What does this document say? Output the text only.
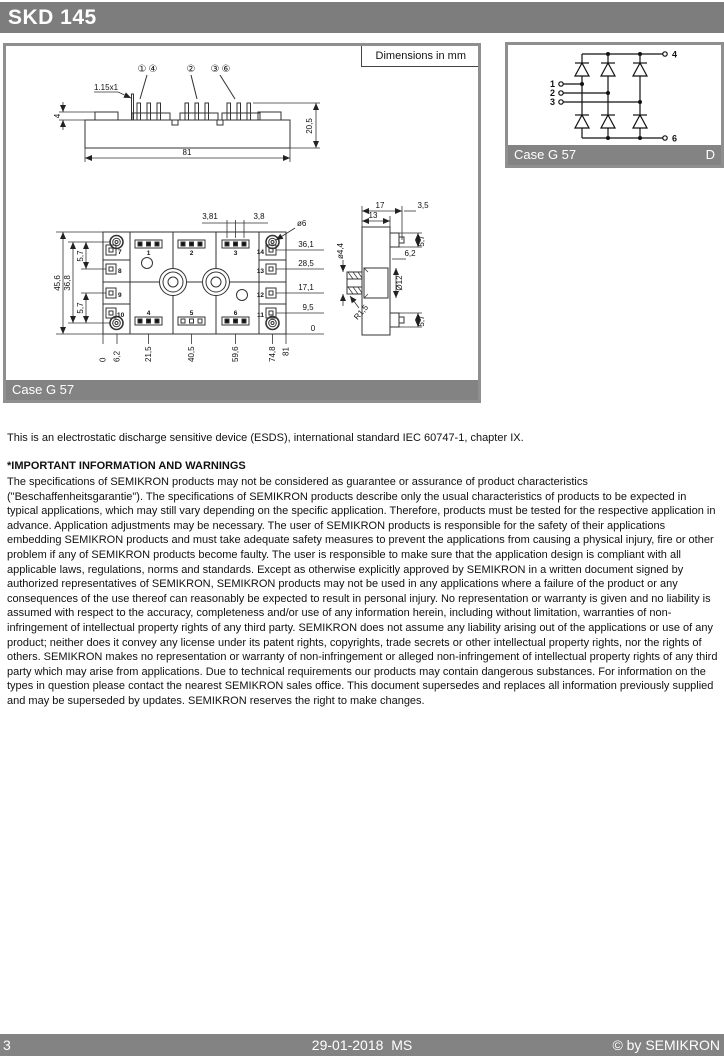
SKD 145
Dimensions in mm
① ④	② ③ ⑥
1.15x1
4
81
20,5
1	2	3
4	5	6
7
8
9
10
14
13
12
11
45,6 36,8
5,7
5,7
3,81	3,8
ø6
36,1
28,5
17,1
9,5
0
0 6,2	21,5	40,5	59,6	74,8 81
17
13
3,5
5,7
6,2
ø4,4
Ø12
R1,5	5,7
Case G 57
1
2
3
4
6
Case G 57	D
This is an electrostatic discharge sensitive device (ESDS), international standard IEC 60747-1, chapter IX.
*IMPORTANT INFORMATION AND WARNINGS
The specifications of SEMIKRON products may not be considered as guarantee or assurance of product characteristics ("Beschaffenheitsgarantie"). The specifications of SEMIKRON products describe only the usual characteristics of products to be expected in typical applications, which may still vary depending on the specific application. Therefore, products must be tested for the respective application in advance. Application adjustments may be necessary. The user of SEMIKRON products is responsible for the safety of their applications embedding SEMIKRON products and must take adequate safety measures to prevent the applications from causing a physical injury, fire or other problem if any of SEMIKRON products become faulty. The user is responsible to make sure that the application design is compliant with all applicable laws, regulations, norms and standards. Except as otherwise explicitly approved by SEMIKRON in a written document signed by authorized representatives of SEMIKRON, SEMIKRON products may not be used in any applications where a failure of the product or any consequences of the use thereof can reasonably be expected to result in personal injury. No representation or warranty is given and no liability is assumed with respect to the accuracy, completeness and/or use of any information herein, including without limitation, warranties of non-infringement of intellectual property rights of any third party. SEMIKRON does not assume any liability arising out of the applications or use of any product; neither does it convey any license under its patent rights, copyrights, trade secrets or other intellectual property rights, nor the rights of others. SEMIKRON makes no representation or warranty of non-infringement or alleged non-infringement of intellectual property rights of any third party which may arise from applications. Due to technical requirements our products may contain dangerous substances. For information on the types in question please contact the nearest SEMIKRON sales office. This document supersedes and replaces all information previously supplied and may be superseded by updates. SEMIKRON reserves the right to make changes.
3	29-01-2018  MS	© by SEMIKRON
